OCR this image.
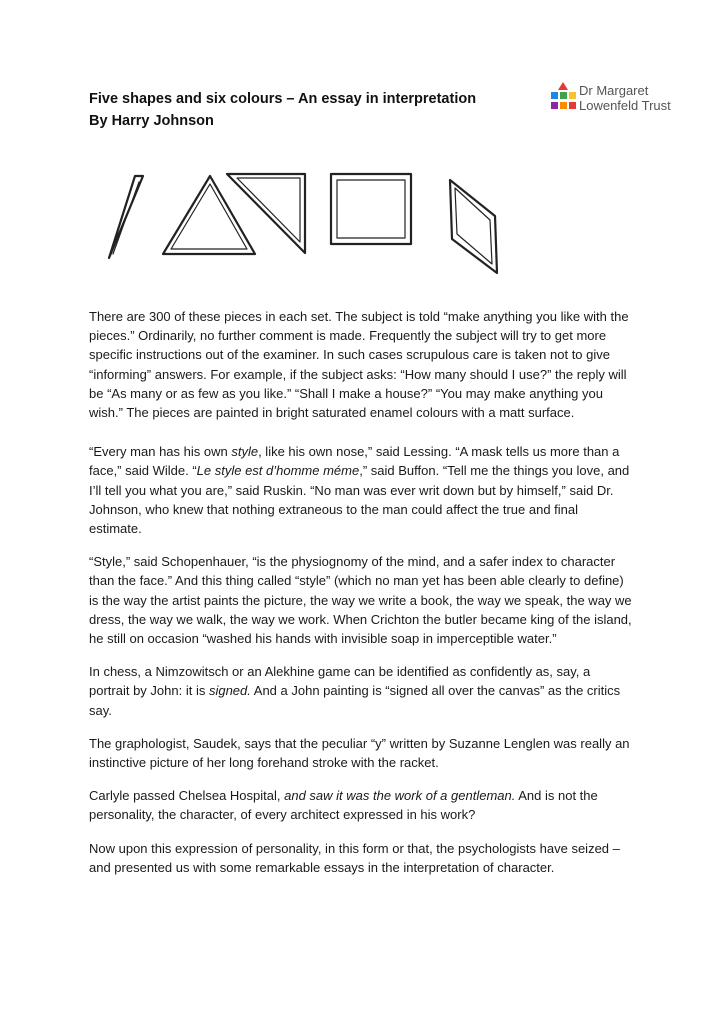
Five shapes and six colours – An essay in interpretation
By Harry Johnson
Dr Margaret
Lowenfeld Trust

There are 300 of these pieces in each set. The subject is told “make anything you like with the pieces.” Ordinarily, no further comment is made. Frequently the subject will try to get more specific instructions out of the examiner. In such cases scrupulous care is taken not to give “informing” answers. For example, if the subject asks: “How many should I use?” the reply will be “As many or as few as you like.” “Shall I make a house?” “You may make anything you wish.” The pieces are painted in bright saturated enamel colours with a matt surface.

“Every man has his own style, like his own nose,” said Lessing. “A mask tells us more than a face,” said Wilde. “Le style est d’homme méme,” said Buffon. “Tell me the things you love, and I’ll tell you what you are,” said Ruskin. “No man was ever writ down but by himself,” said Dr. Johnson, who knew that nothing extraneous to the man could affect the true and final estimate.

“Style,” said Schopenhauer, “is the physiognomy of the mind, and a safer index to character than the face.” And this thing called “style” (which no man yet has been able clearly to define) is the way the artist paints the picture, the way we write a book, the way we speak, the way we dress, the way we walk, the way we work. When Crichton the butler became king of the island, he still on occasion “washed his hands with invisible soap in imperceptible water.”

In chess, a Nimzowitsch or an Alekhine game can be identified as confidently as, say, a portrait by John: it is signed. And a John painting is “signed all over the canvas” as the critics say.

The graphologist, Saudek, says that the peculiar “y” written by Suzanne Lenglen was really an instinctive picture of her long forehand stroke with the racket.

Carlyle passed Chelsea Hospital, and saw it was the work of a gentleman. And is not the personality, the character, of every architect expressed in his work?

Now upon this expression of personality, in this form or that, the psychologists have seized – and presented us with some remarkable essays in the interpretation of character.
